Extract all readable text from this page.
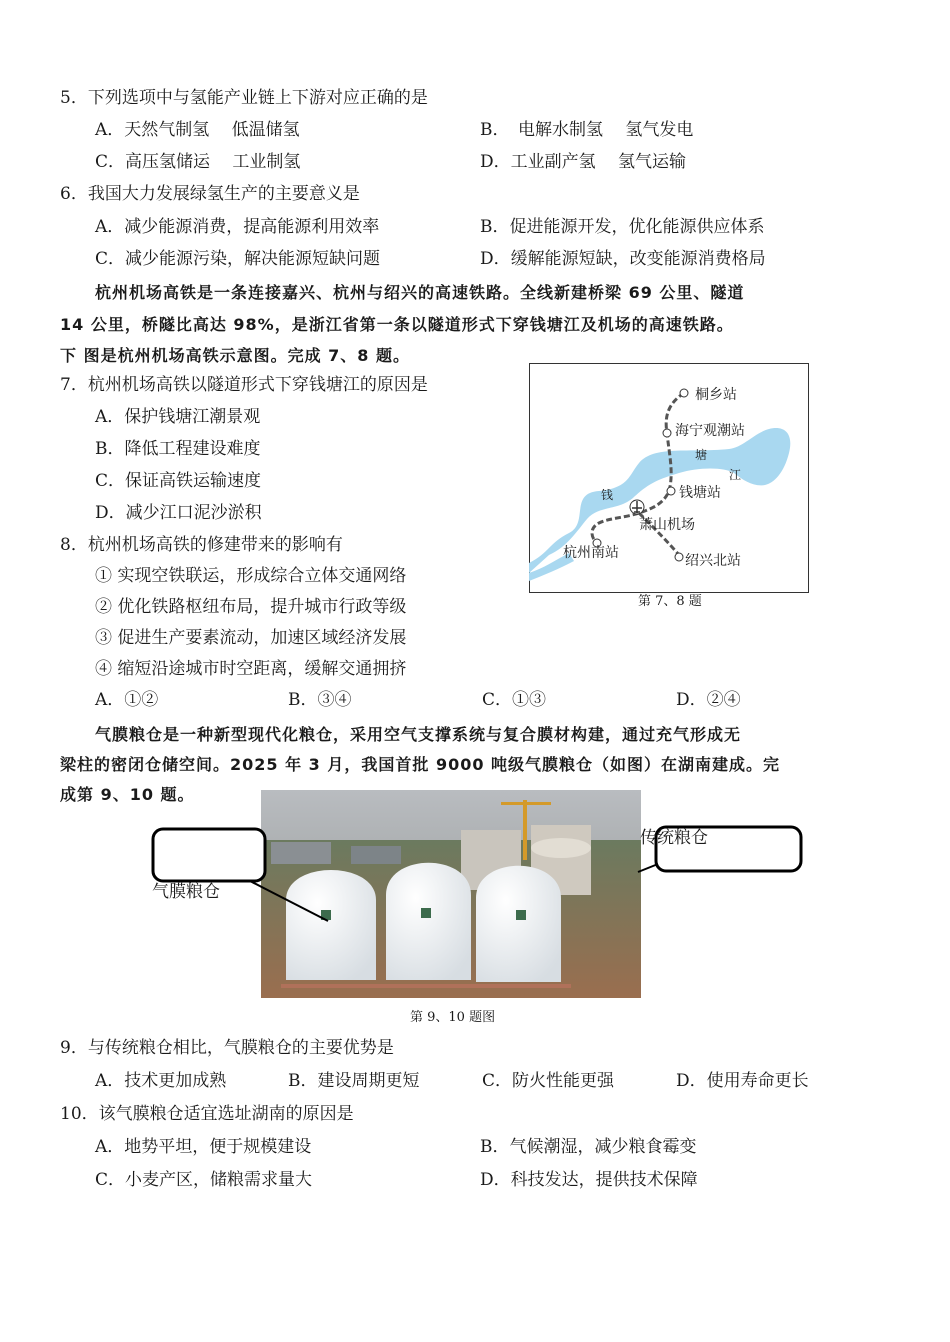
5．下列选项中与氢能产业链上下游对应正确的是
A．天然气制氢　 低温储氢	B．　电解水制氢　 氢气发电
C．高压氢储运　 工业制氢	D．工业副产氢　 氢气运输
6．我国大力发展绿氢生产的主要意义是
A．减少能源消费，提高能源利用效率	B．促进能源开发，优化能源供应体系
C．减少能源污染，解决能源短缺问题	D．缓解能源短缺，改变能源消费格局
杭州机场高铁是一条连接嘉兴、杭州与绍兴的高速铁路。全线新建桥梁 69 公里、隧道
14 公里，桥隧比高达 98%，是浙江省第一条以隧道形式下穿钱塘江及机场的高速铁路。
下 图是杭州机场高铁示意图。完成 7、8 题。
7．杭州机场高铁以隧道形式下穿钱塘江的原因是
A．保护钱塘江潮景观
B．降低工程建设难度
C．保证高铁运输速度
D．减少江口泥沙淤积
桐乡站
海宁观潮站
钱塘站
萧山机场
杭州南站	绍兴北站
钱
塘
江
第 7、8 题
8．杭州机场高铁的修建带来的影响有
① 实现空铁联运，形成综合立体交通网络
② 优化铁路枢纽布局，提升城市行政等级
③ 促进生产要素流动，加速区域经济发展
④ 缩短沿途城市时空距离，缓解交通拥挤
A．①②	B．③④	C．①③	D．②④
气膜粮仓是一种新型现代化粮仓，采用空气支撑系统与复合膜材构建，通过充气形成无
梁柱的密闭仓储空间。2025 年 3 月，我国首批 9000 吨级气膜粮仓（如图）在湖南建成。完
成第 9、10 题。
气膜粮仓
传统粮仓
第 9、10 题图
9．与传统粮仓相比，气膜粮仓的主要优势是
A．技术更加成熟	B．建设周期更短	C．防火性能更强	D．使用寿命更长
10．该气膜粮仓适宜选址湖南的原因是
A．地势平坦，便于规模建设	B．气候潮湿，减少粮食霉变
C．小麦产区，储粮需求量大	D．科技发达，提供技术保障
